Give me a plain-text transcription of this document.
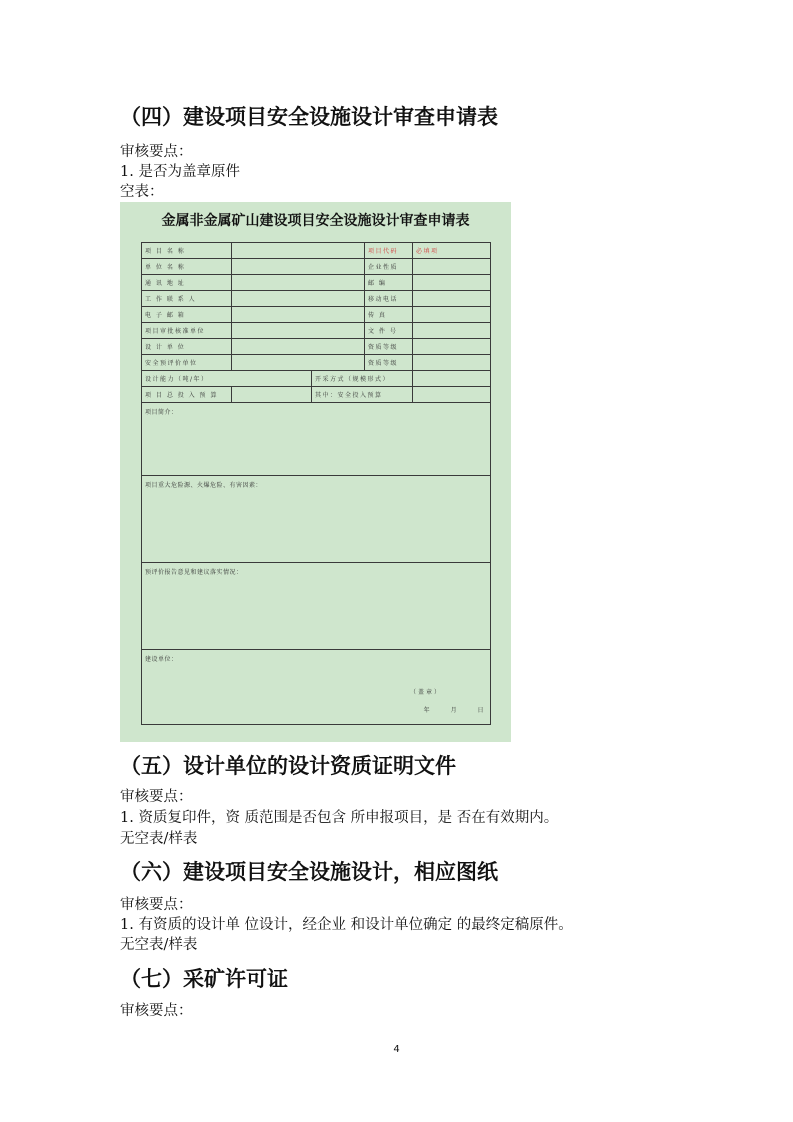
（四）建设项目安全设施设计审查申请表
审核要点：
1. 是否为盖章原件
空表：
金属非金属矿山建设项目安全设施设计审查申请表
项 目 名 称			项目代码	必填项
单 位 名 称			企业性质	
通 讯 地 址			邮 编	
工 作 联 系 人			移动电话	
电 子 邮 箱			传 真	
项目审批核准单位			文 件 号	
设 计 单 位			资质等级	
安全预评价单位			资质等级	
设计能力（吨/年）		开采方式（规模形式）		
项 目 总 投 入 预 算		其中：安全投入预算		
项目简介：				
项目重大危险源、火爆危险、有害因素：				
预评价报告意见和建议落实情况：				
建设单位：
（盖章）
年 月 日				
（五）设计单位的设计资质证明文件
审核要点：
1. 资质复印件，资 质范围是否包含 所申报项目，是 否在有效期内。
无空表/样表
（六）建设项目安全设施设计，相应图纸
审核要点：
1. 有资质的设计单 位设计，经企业 和设计单位确定 的最终定稿原件。
无空表/样表
（七）采矿许可证
审核要点：
4
